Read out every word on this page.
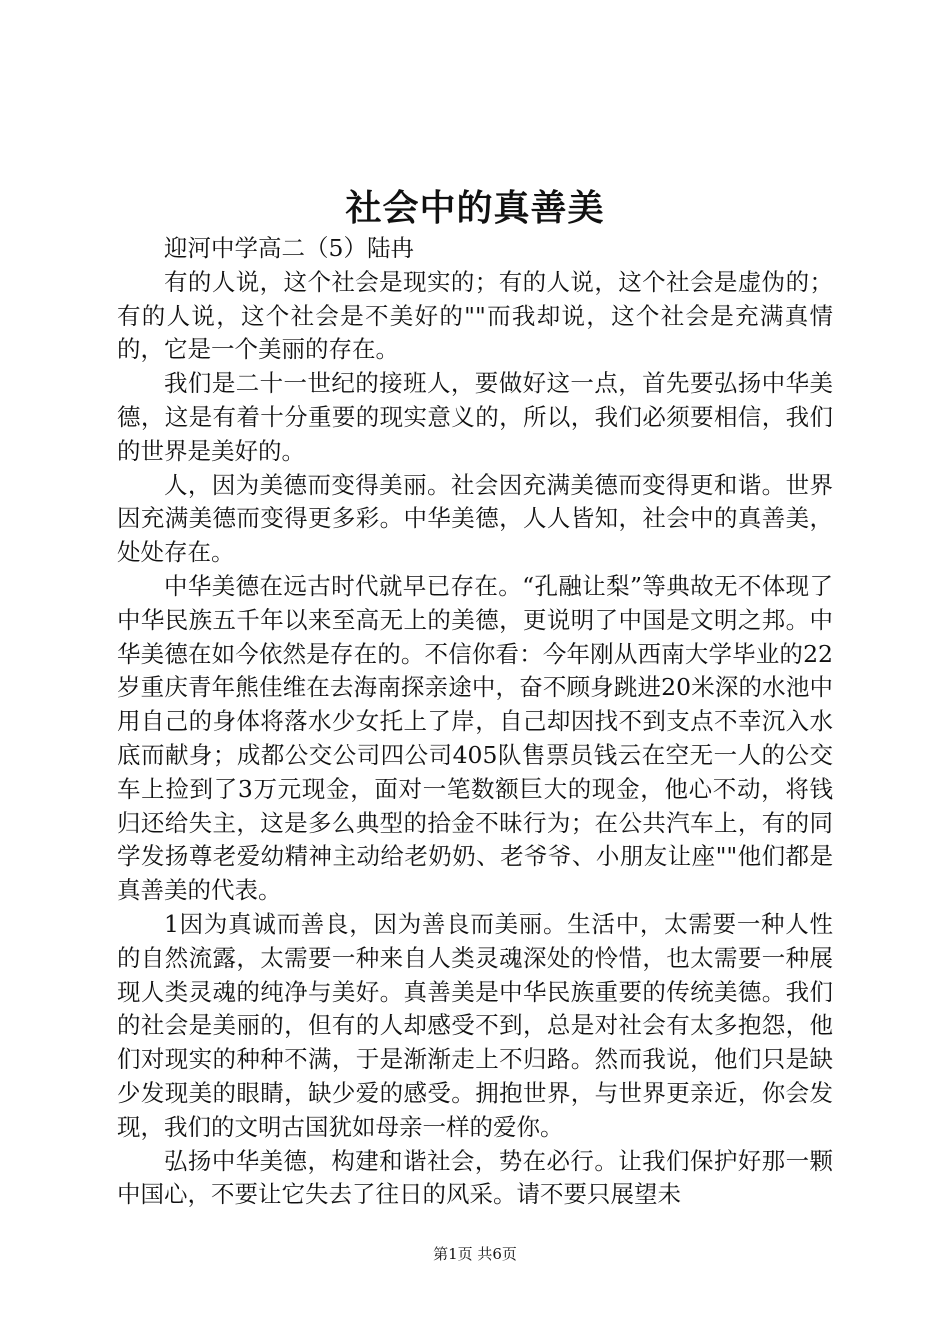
社会中的真善美

迎河中学高二（5）陆冉

有的人说，这个社会是现实的；有的人说，这个社会是虚伪的；有的人说，这个社会是不美好的""而我却说，这个社会是充满真情的，它是一个美丽的存在。

我们是二十一世纪的接班人，要做好这一点，首先要弘扬中华美德，这是有着十分重要的现实意义的，所以，我们必须要相信，我们的世界是美好的。

人，因为美德而变得美丽。社会因充满美德而变得更和谐。世界因充满美德而变得更多彩。中华美德，人人皆知，社会中的真善美，处处存在。

中华美德在远古时代就早已存在。“孔融让梨”等典故无不体现了中华民族五千年以来至高无上的美德，更说明了中国是文明之邦。中华美德在如今依然是存在的。不信你看：今年刚从西南大学毕业的22岁重庆青年熊佳维在去海南探亲途中，奋不顾身跳进20米深的水池中用自己的身体将落水少女托上了岸，自己却因找不到支点不幸沉入水底而献身；成都公交公司四公司405队售票员钱云在空无一人的公交车上捡到了3万元现金，面对一笔数额巨大的现金，他心不动，将钱归还给失主，这是多么典型的拾金不昧行为；在公共汽车上，有的同学发扬尊老爱幼精神主动给老奶奶、老爷爷、小朋友让座""他们都是真善美的代表。

1因为真诚而善良，因为善良而美丽。生活中，太需要一种人性的自然流露，太需要一种来自人类灵魂深处的怜惜，也太需要一种展现人类灵魂的纯净与美好。真善美是中华民族重要的传统美德。我们的社会是美丽的，但有的人却感受不到，总是对社会有太多抱怨，他们对现实的种种不满，于是渐渐走上不归路。然而我说，他们只是缺少发现美的眼睛，缺少爱的感受。拥抱世界，与世界更亲近，你会发现，我们的文明古国犹如母亲一样的爱你。

弘扬中华美德，构建和谐社会，势在必行。让我们保护好那一颗中国心，不要让它失去了往日的风采。请不要只展望未

第1页 共6页
